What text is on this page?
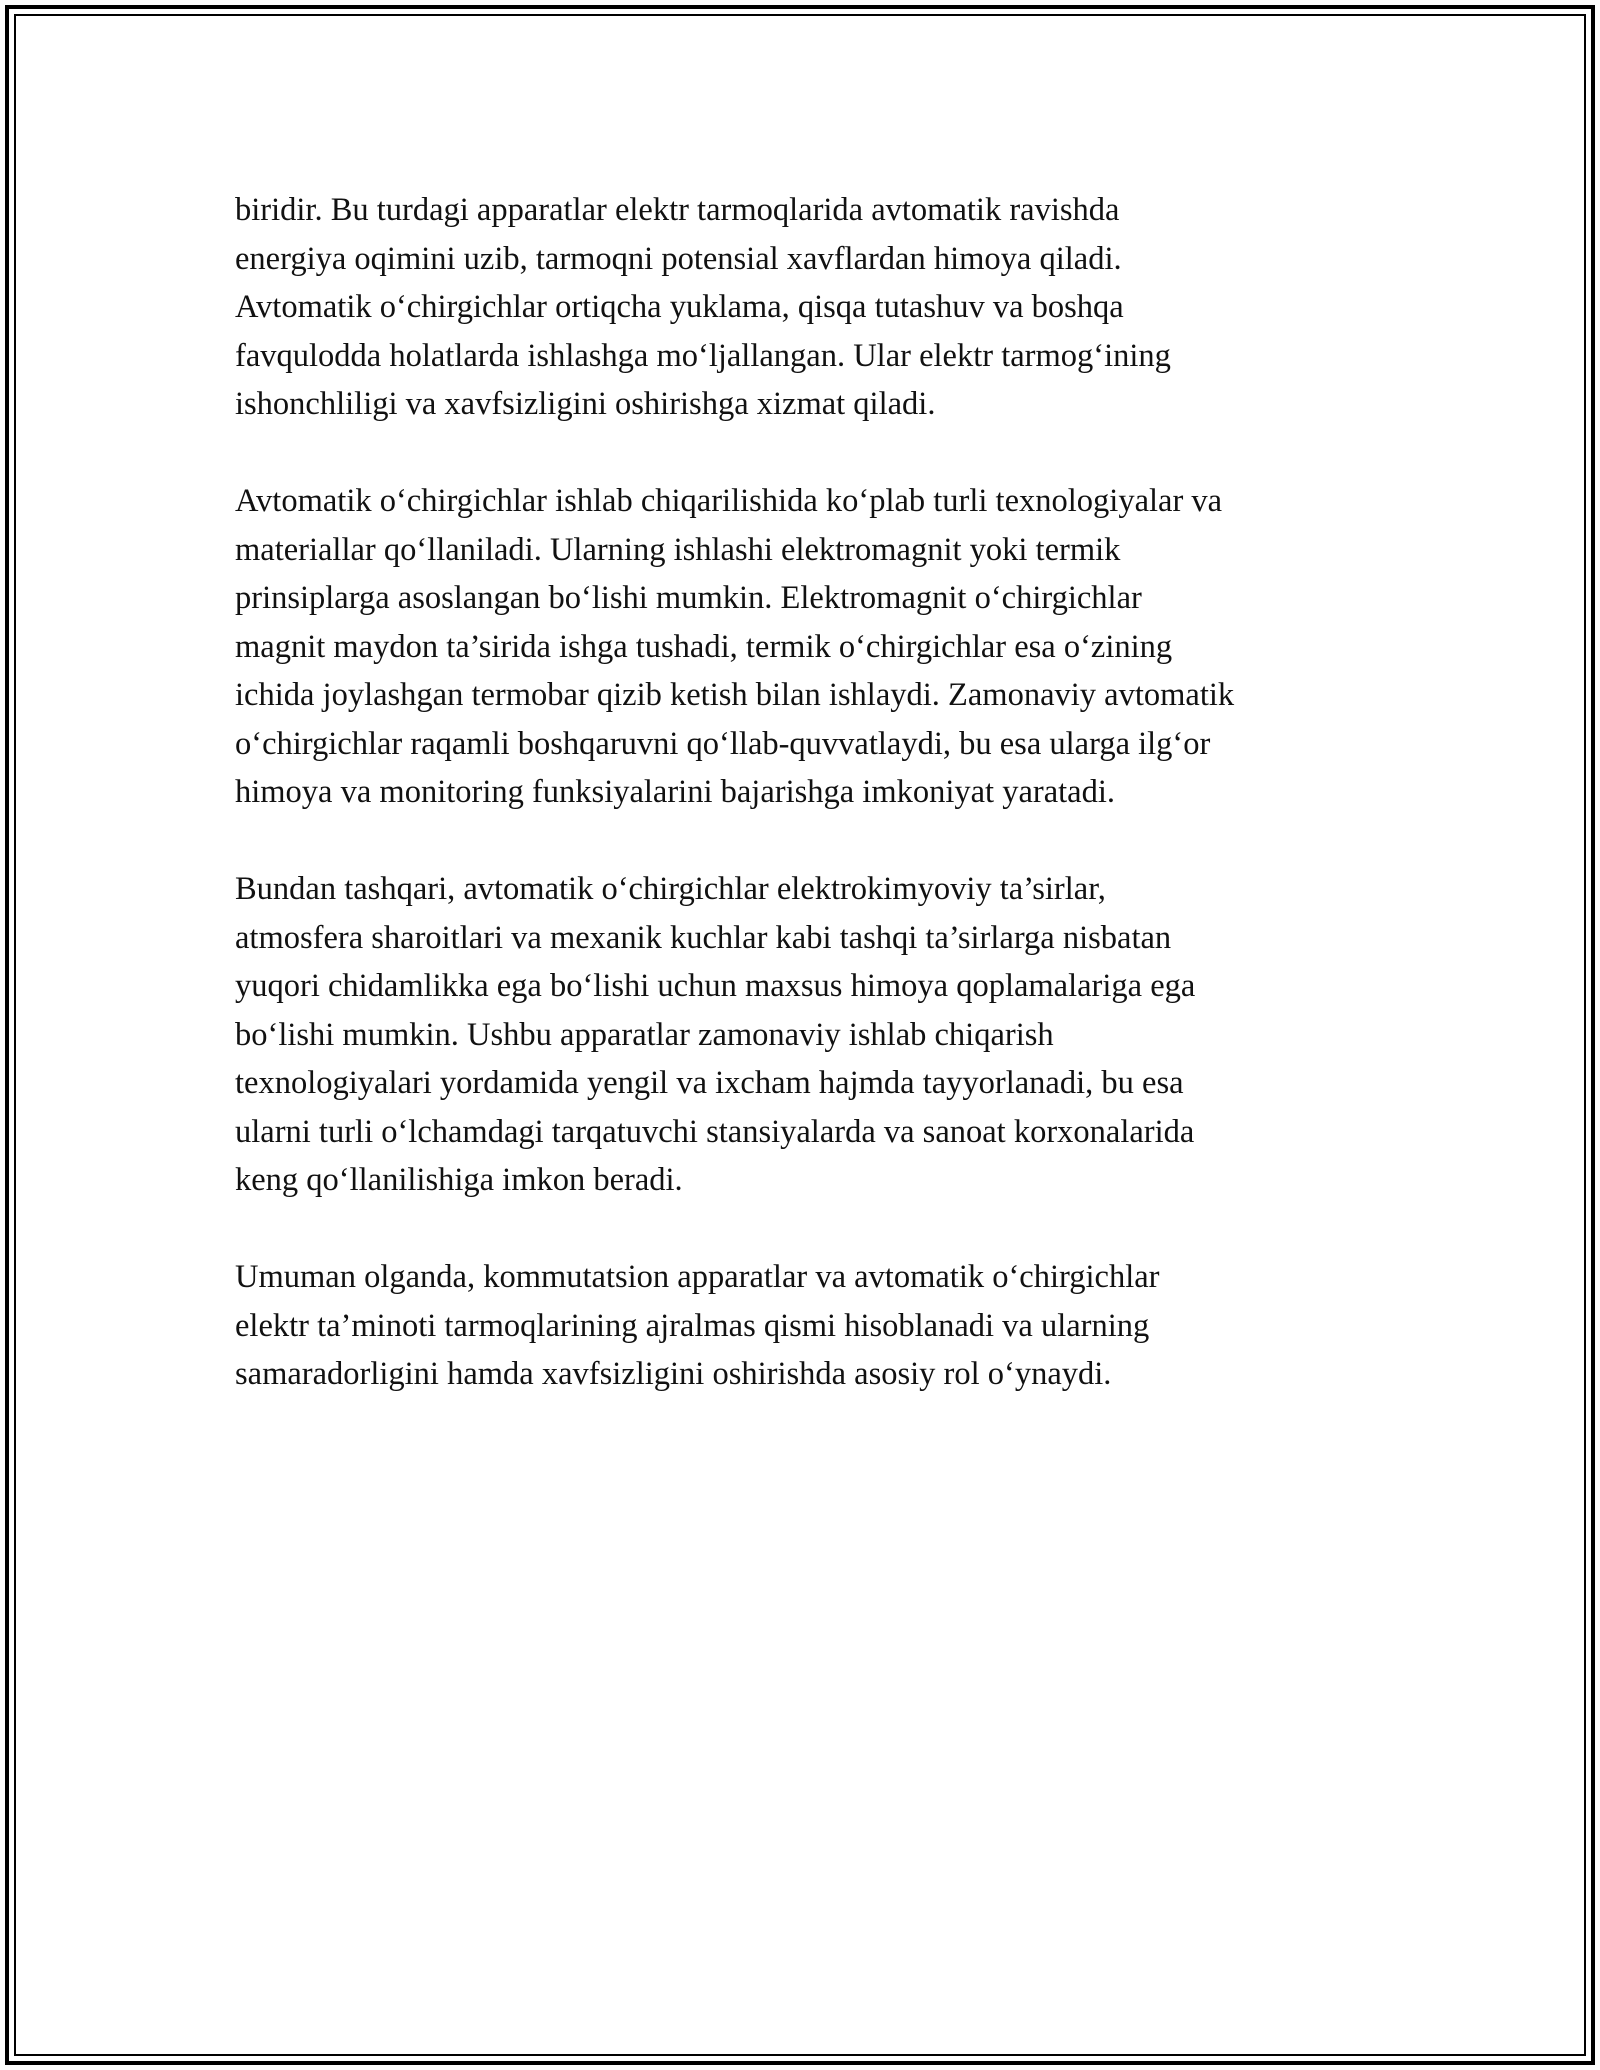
biridir. Bu turdagi apparatlar elektr tarmoqlarida avtomatik ravishda
energiya oqimini uzib, tarmoqni potensial xavflardan himoya qiladi.
Avtomatik o‘chirgichlar ortiqcha yuklama, qisqa tutashuv va boshqa
favqulodda holatlarda ishlashga mo‘ljallangan. Ular elektr tarmog‘ining
ishonchliligi va xavfsizligini oshirishga xizmat qiladi.

Avtomatik o‘chirgichlar ishlab chiqarilishida ko‘plab turli texnologiyalar va
materiallar qo‘llaniladi. Ularning ishlashi elektromagnit yoki termik
prinsiplarga asoslangan bo‘lishi mumkin. Elektromagnit o‘chirgichlar
magnit maydon ta’sirida ishga tushadi, termik o‘chirgichlar esa o‘zining
ichida joylashgan termobar qizib ketish bilan ishlaydi. Zamonaviy avtomatik
o‘chirgichlar raqamli boshqaruvni qo‘llab-quvvatlaydi, bu esa ularga ilg‘or
himoya va monitoring funksiyalarini bajarishga imkoniyat yaratadi.

Bundan tashqari, avtomatik o‘chirgichlar elektrokimyoviy ta’sirlar,
atmosfera sharoitlari va mexanik kuchlar kabi tashqi ta’sirlarga nisbatan
yuqori chidamlikka ega bo‘lishi uchun maxsus himoya qoplamalariga ega
bo‘lishi mumkin. Ushbu apparatlar zamonaviy ishlab chiqarish
texnologiyalari yordamida yengil va ixcham hajmda tayyorlanadi, bu esa
ularni turli o‘lchamdagi tarqatuvchi stansiyalarda va sanoat korxonalarida
keng qo‘llanilishiga imkon beradi.

Umuman olganda, kommutatsion apparatlar va avtomatik o‘chirgichlar
elektr ta’minoti tarmoqlarining ajralmas qismi hisoblanadi va ularning
samaradorligini hamda xavfsizligini oshirishda asosiy rol o‘ynaydi.
